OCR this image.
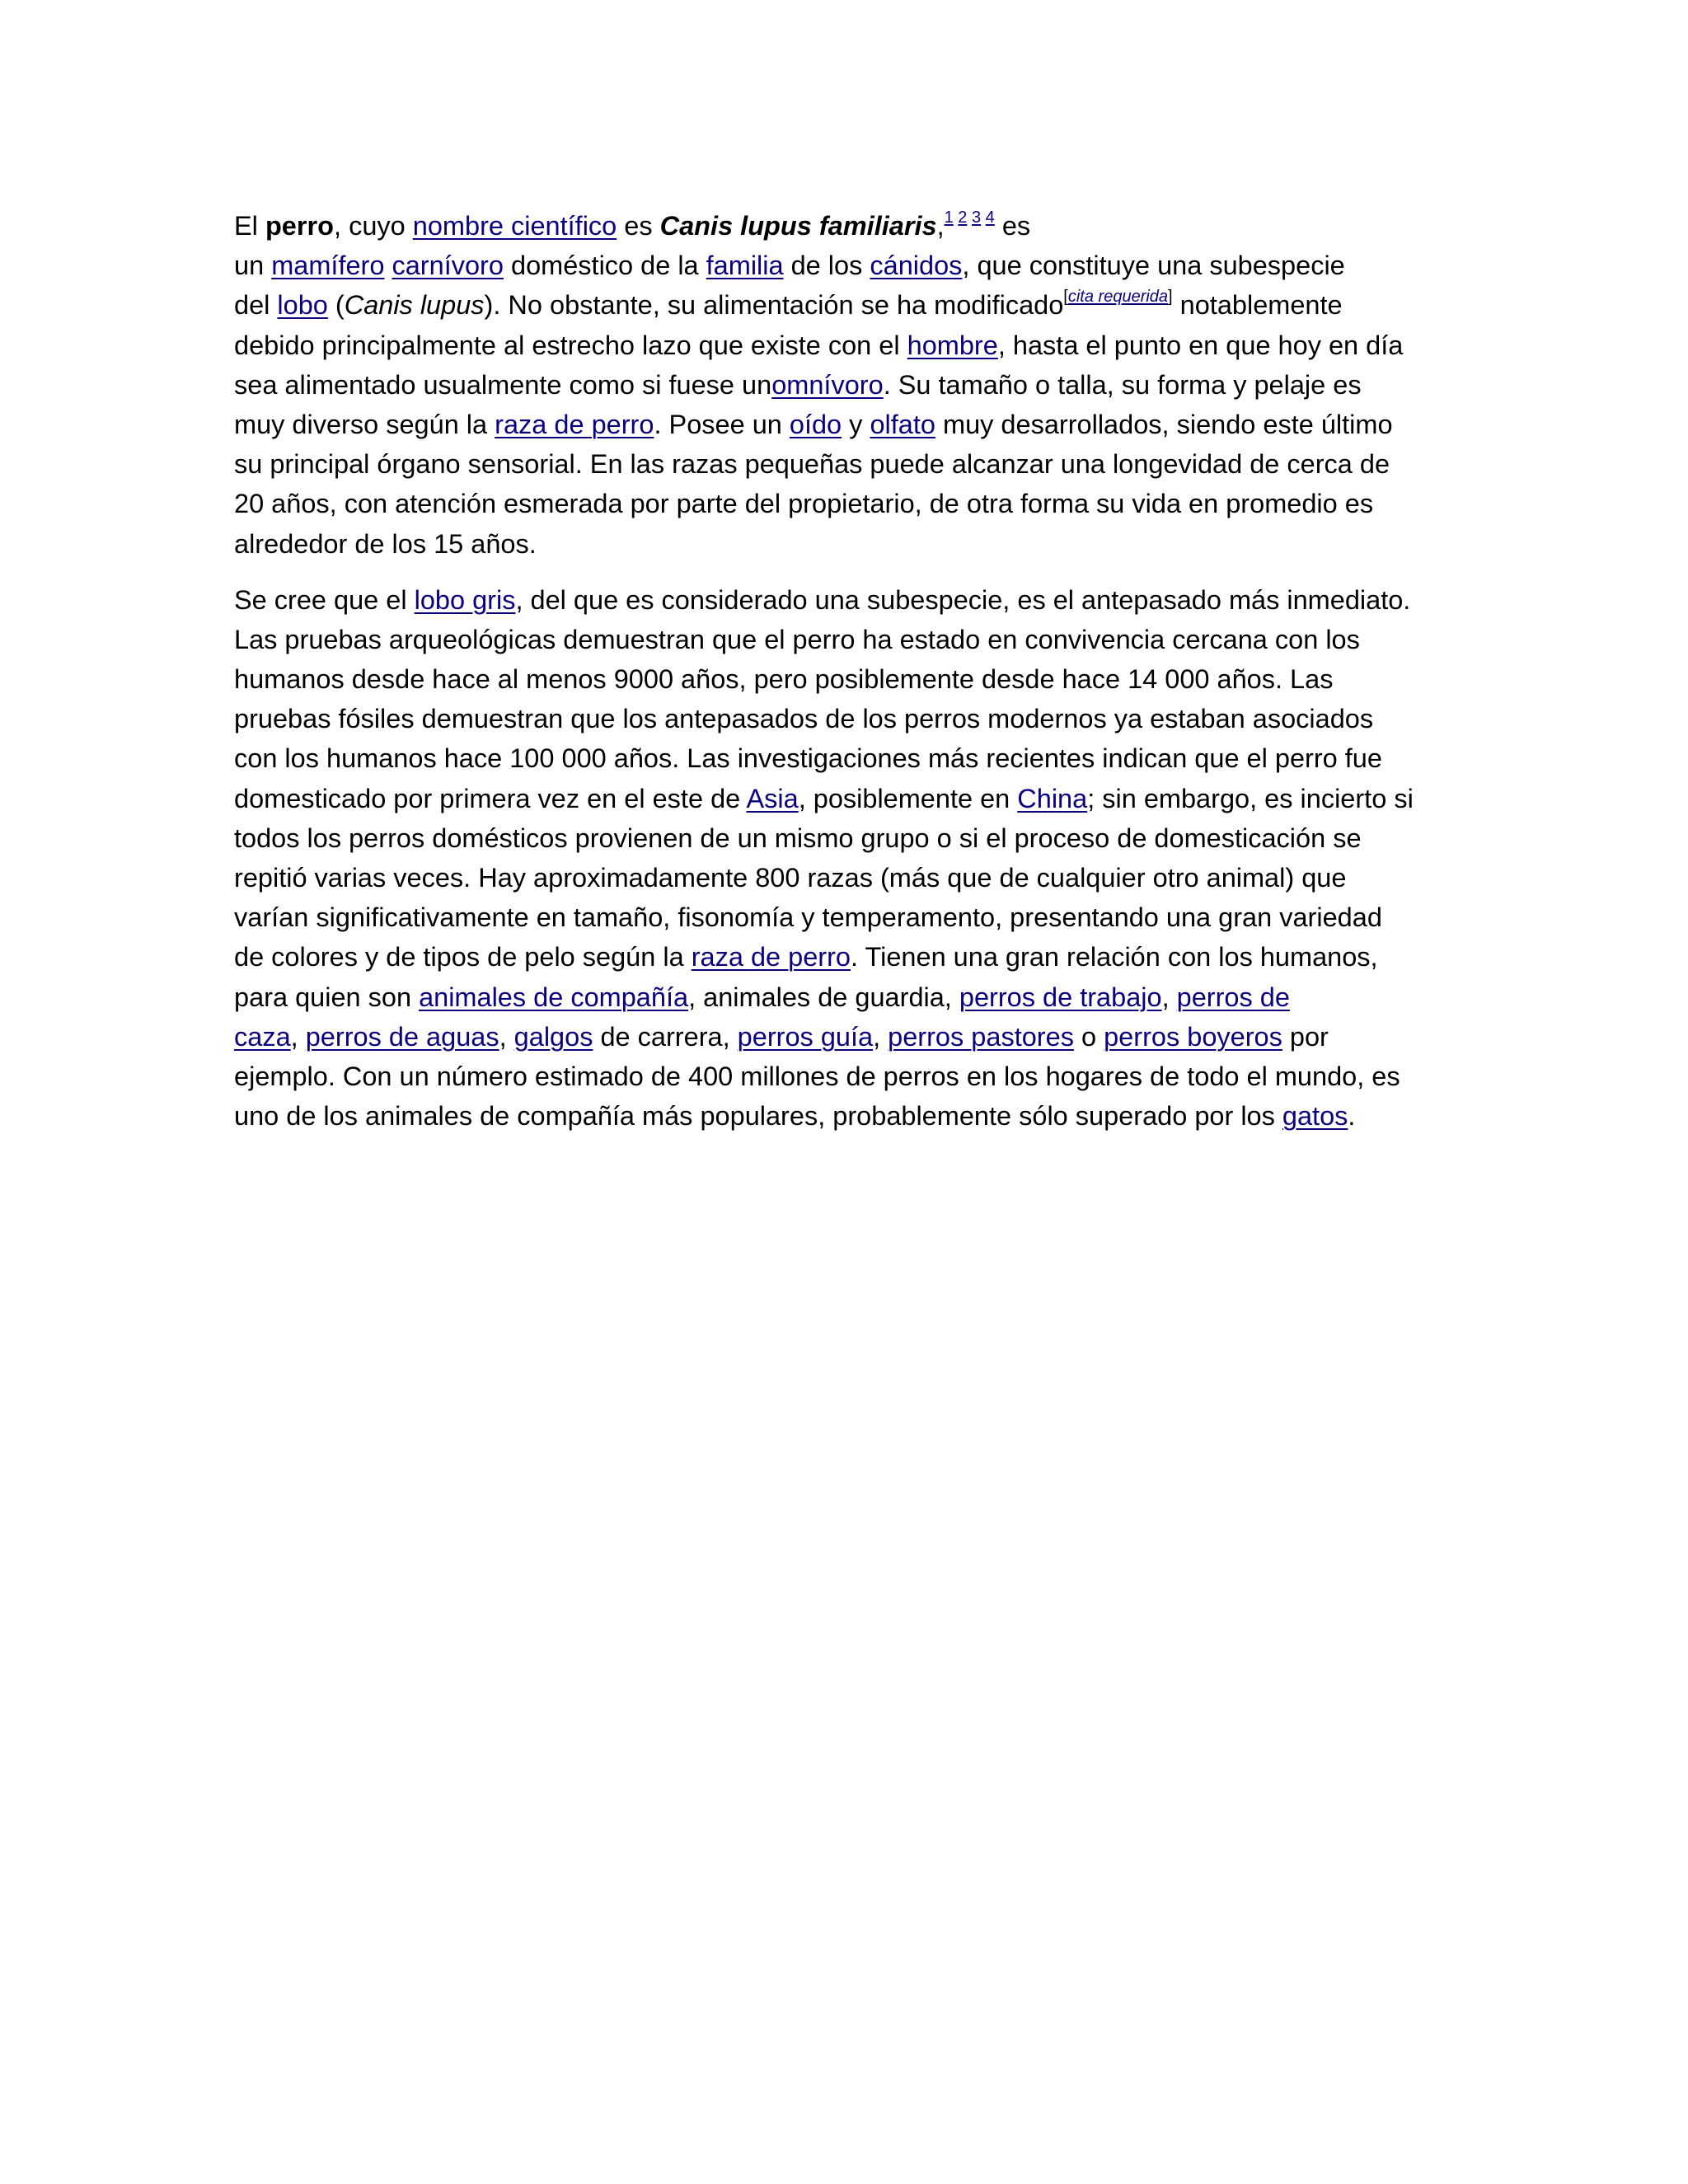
El perro, cuyo nombre científico es Canis lupus familiaris,$^{1 2 3 4}$ es
un mamífero carnívoro doméstico de la familia de los cánidos, que constituye una subespecie
del lobo (Canis lupus). No obstante, su alimentación se ha modificado[cita requerida] notablemente
debido principalmente al estrecho lazo que existe con el hombre, hasta el punto en que hoy en día
sea alimentado usualmente como si fuese unomnívoro. Su tamaño o talla, su forma y pelaje es
muy diverso según la raza de perro. Posee un oído y olfato muy desarrollados, siendo este último
su principal órgano sensorial. En las razas pequeñas puede alcanzar una longevidad de cerca de
20 años, con atención esmerada por parte del propietario, de otra forma su vida en promedio es
alrededor de los 15 años.

Se cree que el lobo gris, del que es considerado una subespecie, es el antepasado más inmediato.
Las pruebas arqueológicas demuestran que el perro ha estado en convivencia cercana con los
humanos desde hace al menos 9000 años, pero posiblemente desde hace 14 000 años. Las
pruebas fósiles demuestran que los antepasados de los perros modernos ya estaban asociados
con los humanos hace 100 000 años. Las investigaciones más recientes indican que el perro fue
domesticado por primera vez en el este de Asia, posiblemente en China; sin embargo, es incierto si
todos los perros domésticos provienen de un mismo grupo o si el proceso de domesticación se
repitió varias veces. Hay aproximadamente 800 razas (más que de cualquier otro animal) que
varían significativamente en tamaño, fisonomía y temperamento, presentando una gran variedad
de colores y de tipos de pelo según la raza de perro. Tienen una gran relación con los humanos,
para quien son animales de compañía, animales de guardia, perros de trabajo, perros de
caza, perros de aguas, galgos de carrera, perros guía, perros pastores o perros boyeros por
ejemplo. Con un número estimado de 400 millones de perros en los hogares de todo el mundo, es
uno de los animales de compañía más populares, probablemente sólo superado por los gatos.
